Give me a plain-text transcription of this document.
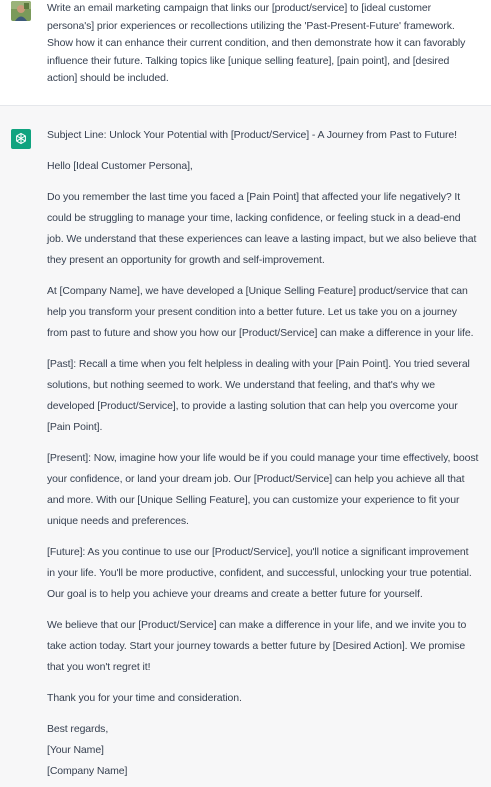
Write an email marketing campaign that links our [product/service] to [ideal customer persona's] prior experiences or recollections utilizing the 'Past-Present-Future' framework. Show how it can enhance their current condition, and then demonstrate how it can favorably influence their future. Talking topics like [unique selling feature], [pain point], and [desired action] should be included.

Subject Line: Unlock Your Potential with [Product/Service] - A Journey from Past to Future!

Hello [Ideal Customer Persona],

Do you remember the last time you faced a [Pain Point] that affected your life negatively? It could be struggling to manage your time, lacking confidence, or feeling stuck in a dead-end job. We understand that these experiences can leave a lasting impact, but we also believe that they present an opportunity for growth and self-improvement.

At [Company Name], we have developed a [Unique Selling Feature] product/service that can help you transform your present condition into a better future. Let us take you on a journey from past to future and show you how our [Product/Service] can make a difference in your life.

[Past]: Recall a time when you felt helpless in dealing with your [Pain Point]. You tried several solutions, but nothing seemed to work. We understand that feeling, and that's why we developed [Product/Service], to provide a lasting solution that can help you overcome your [Pain Point].

[Present]: Now, imagine how your life would be if you could manage your time effectively, boost your confidence, or land your dream job. Our [Product/Service] can help you achieve all that and more. With our [Unique Selling Feature], you can customize your experience to fit your unique needs and preferences.

[Future]: As you continue to use our [Product/Service], you'll notice a significant improvement in your life. You'll be more productive, confident, and successful, unlocking your true potential. Our goal is to help you achieve your dreams and create a better future for yourself.

We believe that our [Product/Service] can make a difference in your life, and we invite you to take action today. Start your journey towards a better future by [Desired Action]. We promise that you won't regret it!

Thank you for your time and consideration.

Best regards,

[Your Name]

[Company Name]
